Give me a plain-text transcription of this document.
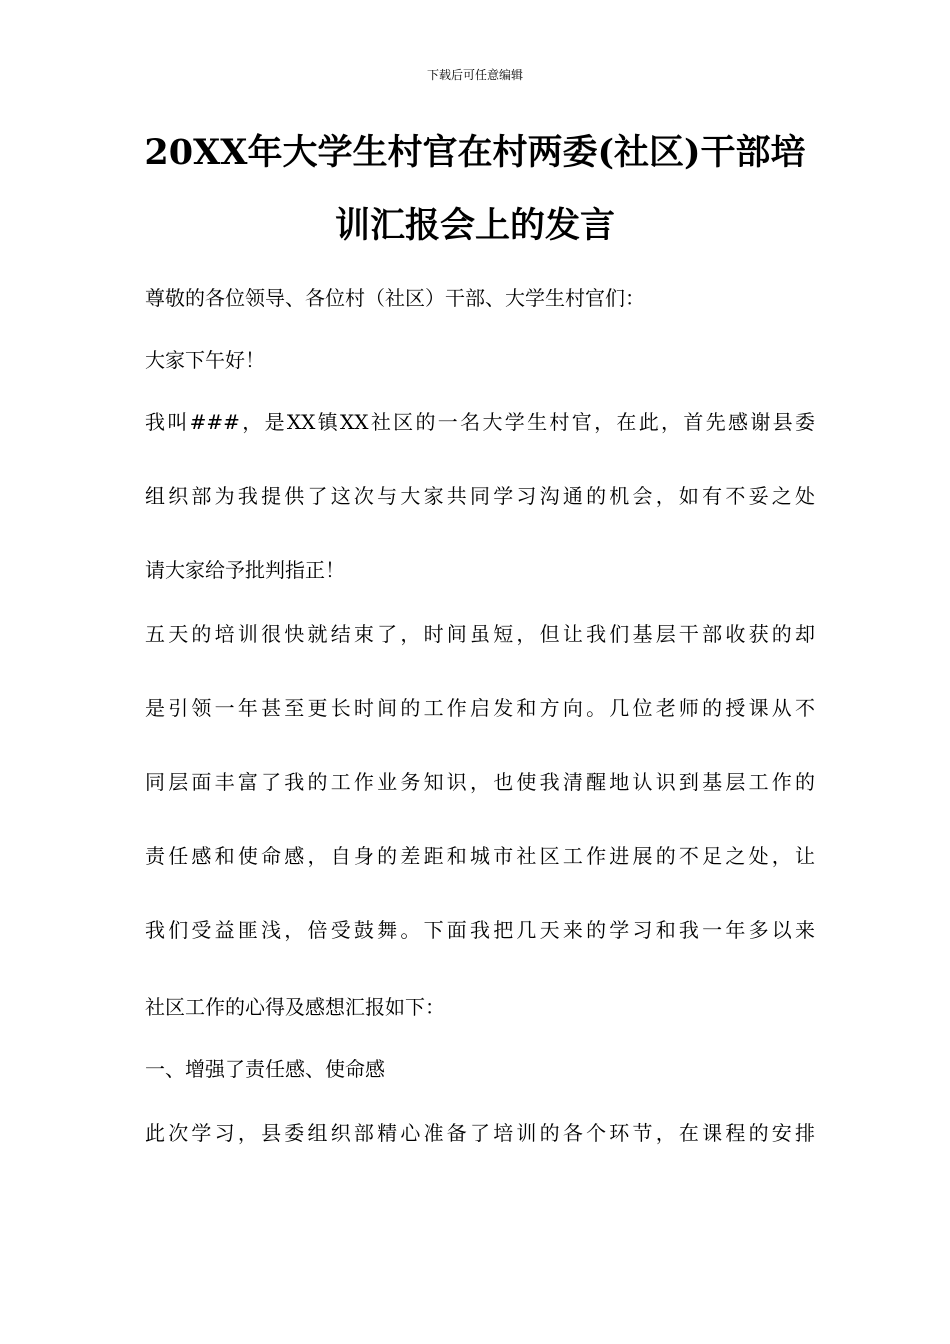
下载后可任意编辑
20XX年大学生村官在村两委(社区)干部培
训汇报会上的发言
尊敬的各位领导、各位村（社区）干部、大学生村官们：
大家下午好！
我叫###，是XX镇XX社区的一名大学生村官，在此，首先感谢县委
组织部为我提供了这次与大家共同学习沟通的机会，如有不妥之处
请大家给予批判指正！
五天的培训很快就结束了，时间虽短，但让我们基层干部收获的却
是引领一年甚至更长时间的工作启发和方向。几位老师的授课从不
同层面丰富了我的工作业务知识，也使我清醒地认识到基层工作的
责任感和使命感，自身的差距和城市社区工作进展的不足之处，让
我们受益匪浅，倍受鼓舞。下面我把几天来的学习和我一年多以来
社区工作的心得及感想汇报如下：
一、增强了责任感、使命感
此次学习，县委组织部精心准备了培训的各个环节，在课程的安排
